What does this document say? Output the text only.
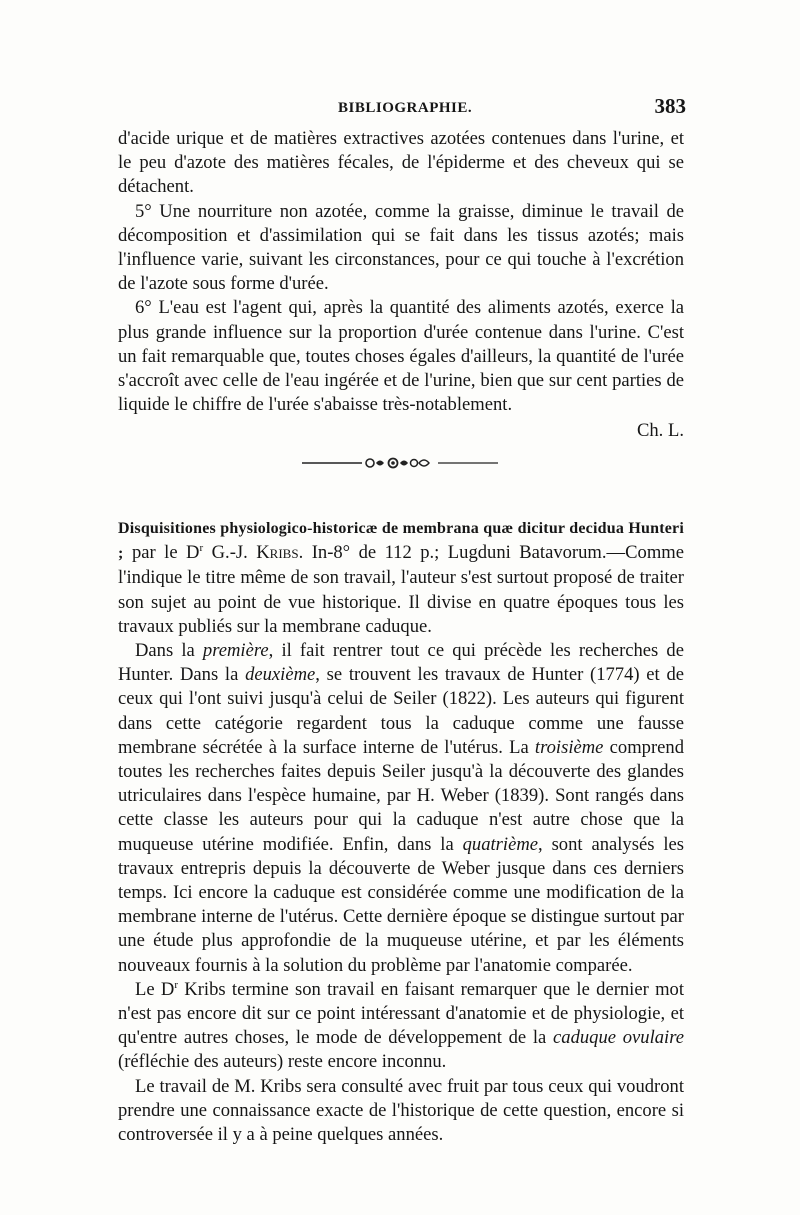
BIBLIOGRAPHIE.	383

d'acide urique et de matières extractives azotées contenues dans l'urine, et le peu d'azote des matières fécales, de l'épiderme et des cheveux qui se détachent.

5° Une nourriture non azotée, comme la graisse, diminue le travail de décomposition et d'assimilation qui se fait dans les tissus azotés; mais l'influence varie, suivant les circonstances, pour ce qui touche à l'excrétion de l'azote sous forme d'urée.

6° L'eau est l'agent qui, après la quantité des aliments azotés, exerce la plus grande influence sur la proportion d'urée contenue dans l'urine. C'est un fait remarquable que, toutes choses égales d'ailleurs, la quantité de l'urée s'accroît avec celle de l'eau ingérée et de l'urine, bien que sur cent parties de liquide le chiffre de l'urée s'abaisse très-notablement.

Ch. L.

Disquisitiones physiologico-historicæ de membrana quæ dicitur decidua Hunteri ; par le $D^r$ G.-J. Kribs. In-8° de 112 p.; Lugduni Batavorum.—Comme l'indique le titre même de son travail, l'auteur s'est surtout proposé de traiter son sujet au point de vue historique. Il divise en quatre époques tous les travaux publiés sur la membrane caduque.

Dans la première, il fait rentrer tout ce qui précède les recherches de Hunter. Dans la deuxième, se trouvent les travaux de Hunter (1774) et de ceux qui l'ont suivi jusqu'à celui de Seiler (1822). Les auteurs qui figurent dans cette catégorie regardent tous la caduque comme une fausse membrane sécrétée à la surface interne de l'utérus. La troisième comprend toutes les recherches faites depuis Seiler jusqu'à la découverte des glandes utriculaires dans l'espèce humaine, par H. Weber (1839). Sont rangés dans cette classe les auteurs pour qui la caduque n'est autre chose que la muqueuse utérine modifiée. Enfin, dans la quatrième, sont analysés les travaux entrepris depuis la découverte de Weber jusque dans ces derniers temps. Ici encore la caduque est considérée comme une modification de la membrane interne de l'utérus. Cette dernière époque se distingue surtout par une étude plus approfondie de la muqueuse utérine, et par les éléments nouveaux fournis à la solution du problème par l'anatomie comparée.

Le $D^r$ Kribs termine son travail en faisant remarquer que le dernier mot n'est pas encore dit sur ce point intéressant d'anatomie et de physiologie, et qu'entre autres choses, le mode de développement de la caduque ovulaire (réfléchie des auteurs) reste encore inconnu.

Le travail de M. Kribs sera consulté avec fruit par tous ceux qui voudront prendre une connaissance exacte de l'historique de cette question, encore si controversée il y a à peine quelques années.
